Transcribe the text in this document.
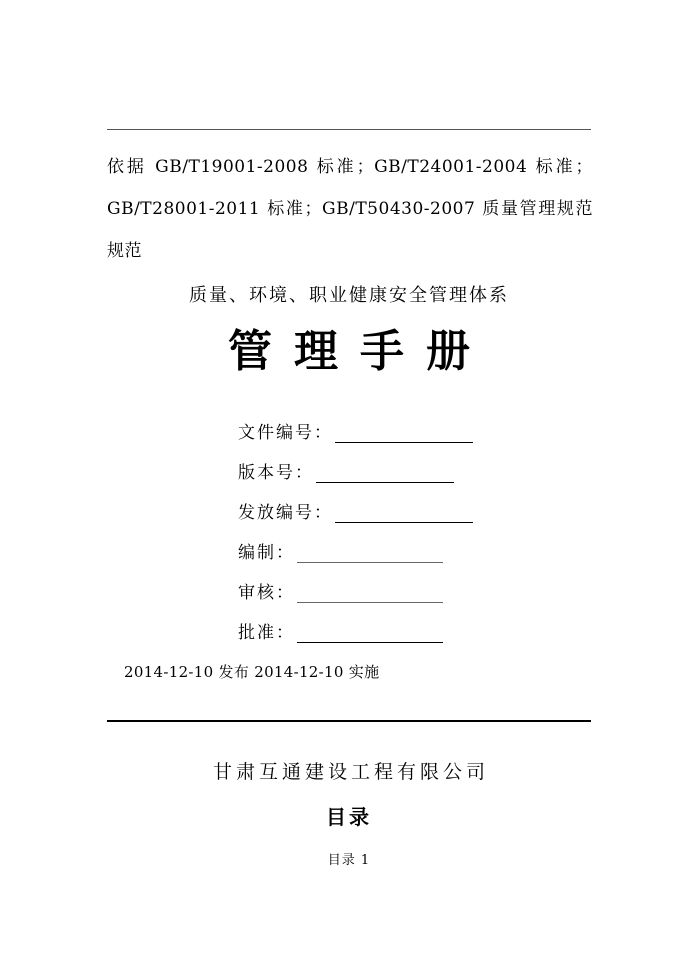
依据 GB/T19001-2008 标准；GB/T24001-2004 标准；GB/T28001-2011 标准；GB/T50430-2007 质量管理规范规范
质量、环境、职业健康安全管理体系
管理手册
文件编号：
版本号：
发放编号：
编制：
审核：
批准：
2014-12-10 发布 2014-12-10 实施
甘肃互通建设工程有限公司
目录
目录 1
